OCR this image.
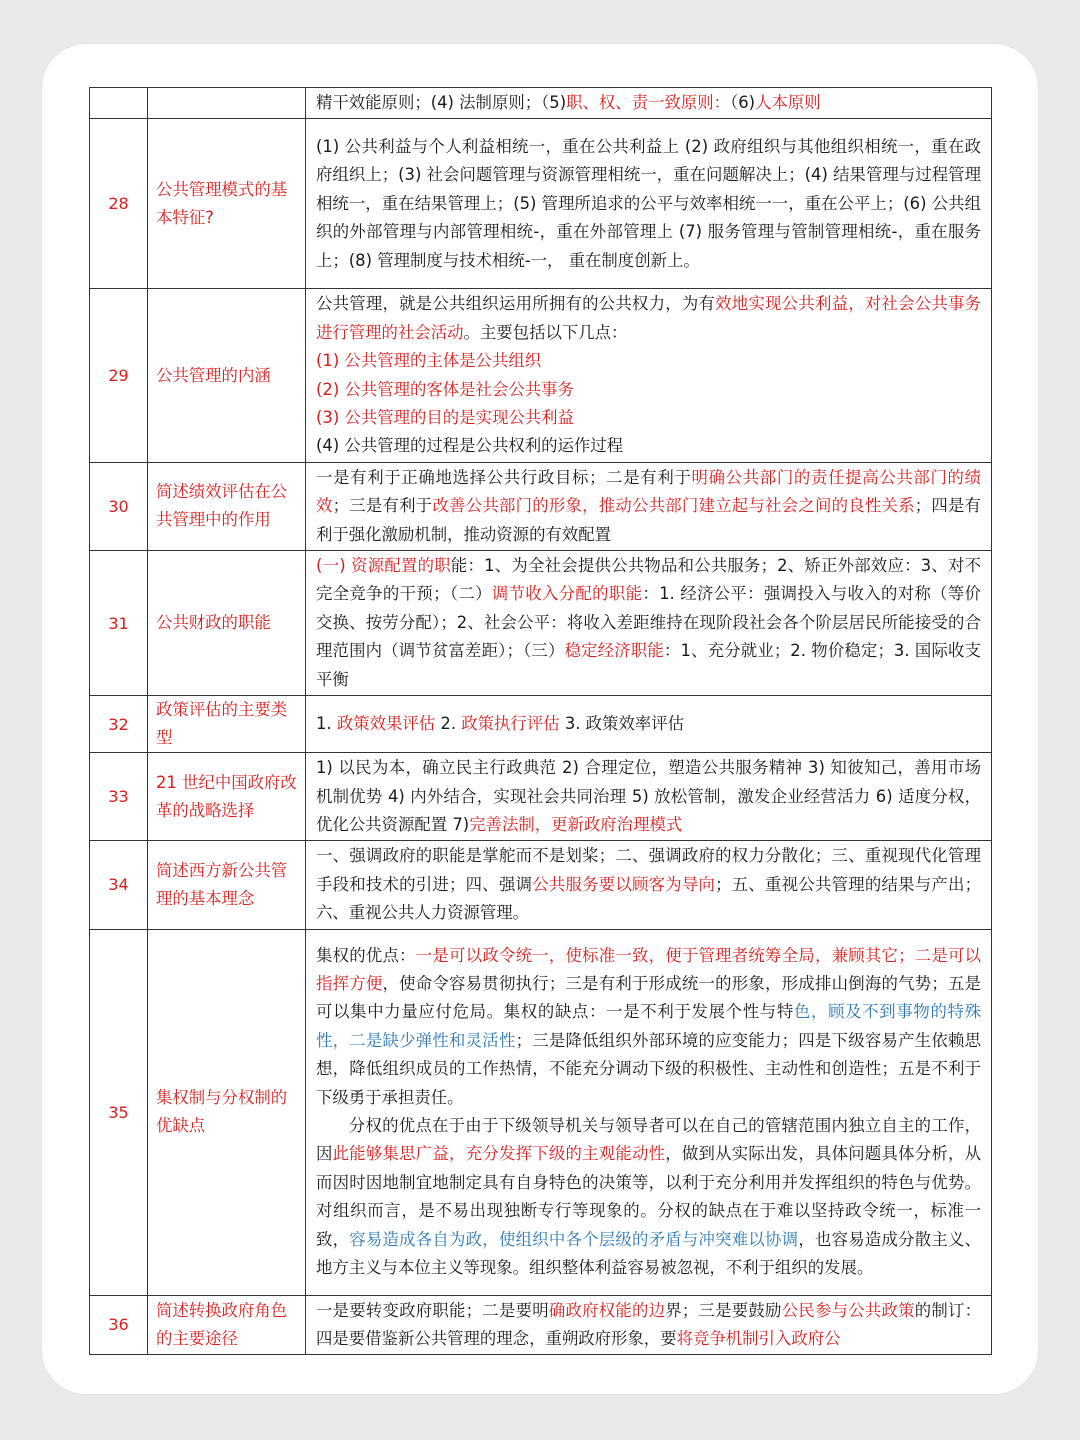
		精干效能原则；(4) 法制原则；（5)职、权、责一致原则：（6)人本原则

28	公共管理模式的基本特征?	(1) 公共利益与个人利益相统一，重在公共利益上 (2) 政府组织与其他组织相统一，重在政府组织上；(3) 社会问题管理与资源管理相统一，重在问题解决上；(4) 结果管理与过程管理相统一，重在结果管理上；(5) 管理所追求的公平与效率相统一一，重在公平上；(6) 公共组织的外部管理与内部管理相统-，重在外部管理上 (7) 服务管理与管制管理相统-，重在服务上；(8) 管理制度与技术相统-一， 重在制度创新上。

29	公共管理的内涵	公共管理，就是公共组织运用所拥有的公共权力，为有效地实现公共利益，对社会公共事务进行管理的社会活动。主要包括以下几点：
(1) 公共管理的主体是公共组织
(2) 公共管理的客体是社会公共事务
(3) 公共管理的目的是实现公共利益
(4) 公共管理的过程是公共权利的运作过程

30	简述绩效评估在公共管理中的作用	一是有利于正确地选择公共行政目标；二是有利于明确公共部门的责任提高公共部门的绩效；三是有利于改善公共部门的形象，推动公共部门建立起与社会之间的良性关系；四是有利于强化激励机制，推动资源的有效配置

31	公共财政的职能	(一) 资源配置的职能：1、为全社会提供公共物品和公共服务；2、矫正外部效应：3、对不完全竞争的干预；（二）调节收入分配的职能：1. 经济公平：强调投入与收入的对称（等价交换、按劳分配）；2、社会公平：将收入差距维持在现阶段社会各个阶层居民所能接受的合理范围内（调节贫富差距）；（三）稳定经济职能：1、充分就业；2. 物价稳定；3. 国际收支平衡

32	政策评估的主要类型	1. 政策效果评估 2. 政策执行评估 3. 政策效率评估

33	21 世纪中国政府改革的战略选择	1) 以民为本，确立民主行政典范 2) 合理定位，塑造公共服务精神 3) 知彼知己，善用市场机制优势 4) 内外结合，实现社会共同治理 5) 放松管制，激发企业经营活力 6) 适度分权，优化公共资源配置 7)完善法制，更新政府治理模式

34	简述西方新公共管理的基本理念	一、强调政府的职能是掌舵而不是划桨；二、强调政府的权力分散化；三、重视现代化管理手段和技术的引进；四、强调公共服务要以顾客为导向；五、重视公共管理的结果与产出；六、重视公共人力资源管理。

35	集权制与分权制的优缺点	集权的优点：一是可以政令统一，使标准一致，便于管理者统筹全局，兼顾其它；二是可以指挥方便，使命令容易贯彻执行；三是有利于形成统一的形象，形成排山倒海的气势；五是可以集中力量应付危局。集权的缺点：一是不利于发展个性与特色，顾及不到事物的特殊性，二是缺少弹性和灵活性；三是降低组织外部环境的应变能力；四是下级容易产生依赖思想，降低组织成员的工作热情，不能充分调动下级的积极性、主动性和创造性；五是不利于下级勇于承担责任。
分权的优点在于由于下级领导机关与领导者可以在自己的管辖范围内独立自主的工作，因此能够集思广益，充分发挥下级的主观能动性，做到从实际出发，具体问题具体分析，从而因时因地制宜地制定具有自身特色的决策等，以利于充分利用并发挥组织的特色与优势。对组织而言，是不易出现独断专行等现象的。分权的缺点在于难以坚持政令统一，标准一致，容易造成各自为政，使组织中各个层级的矛盾与冲突难以协调，也容易造成分散主义、地方主义与本位主义等现象。组织整体利益容易被忽视，不利于组织的发展。

36	简述转换政府角色的主要途径	一是要转变政府职能；二是要明确政府权能的边界；三是要鼓励公民参与公共政策的制订：四是要借鉴新公共管理的理念，重朔政府形象，要将竞争机制引入政府公
